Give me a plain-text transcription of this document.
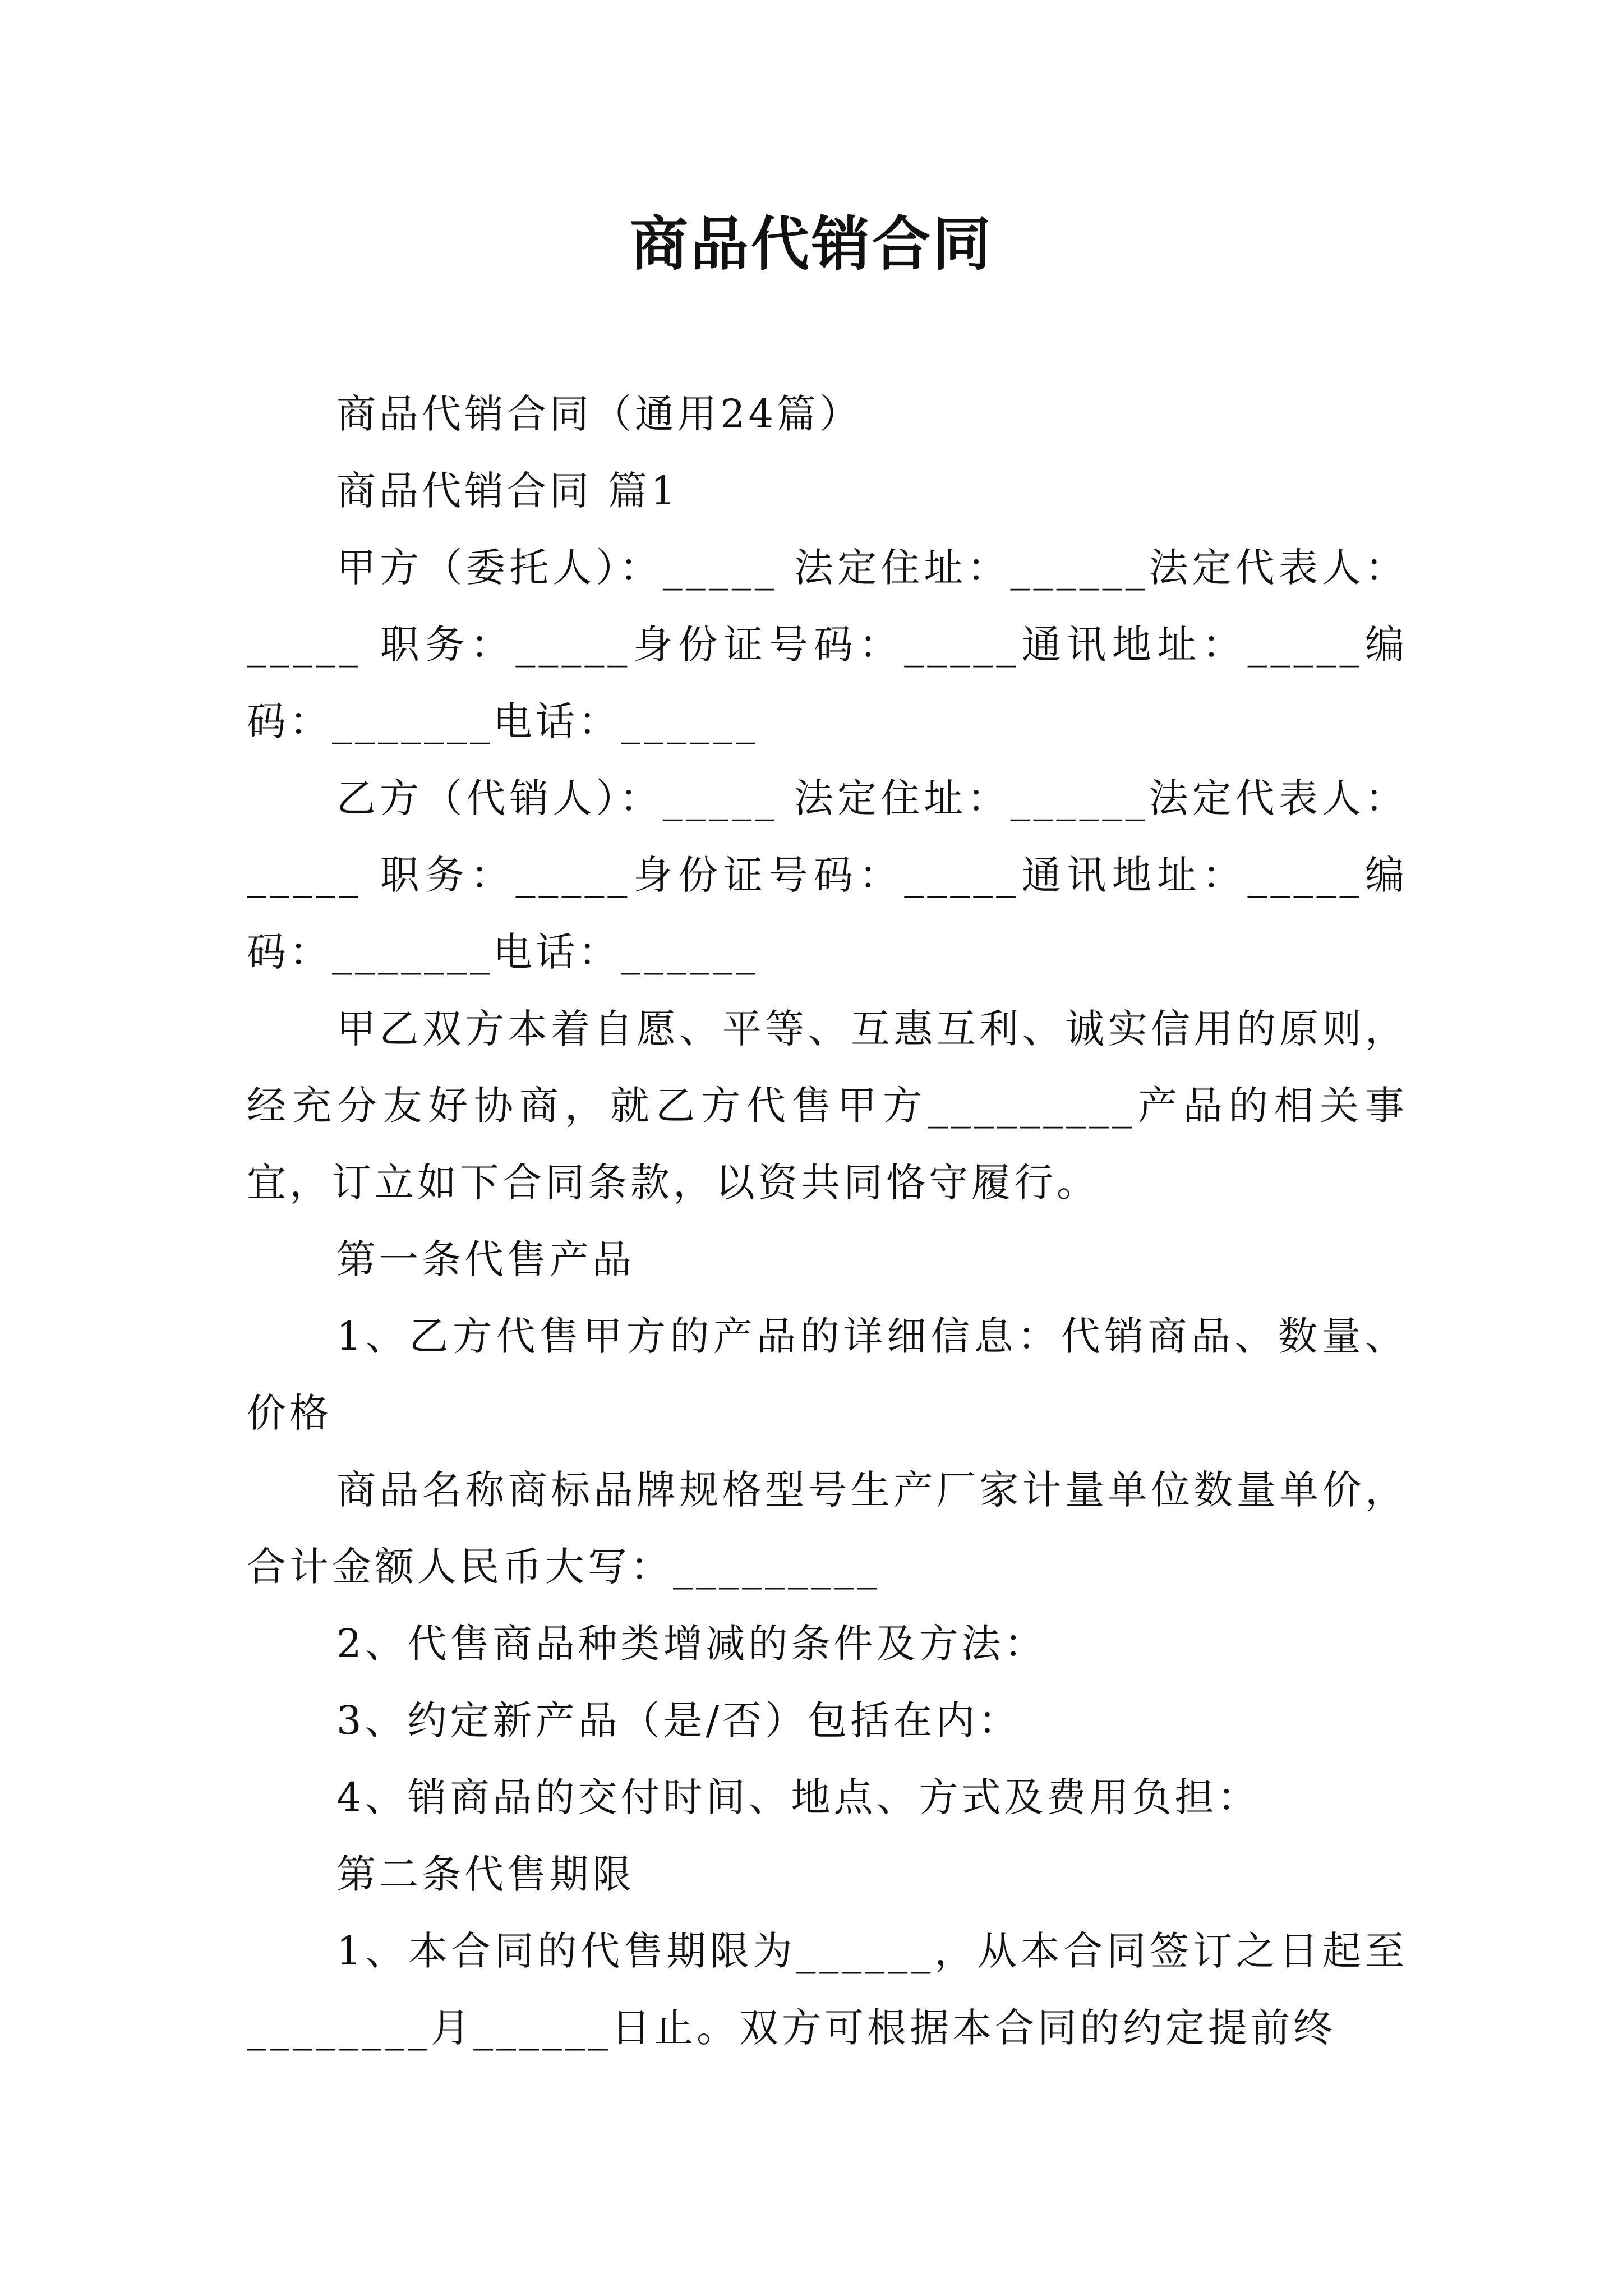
商品代销合同

商品代销合同（通用24篇）

商品代销合同 篇1

甲方（委托人）：_____ 法定住址：______法定代表人：_____ 职务：_____身份证号码：_____通讯地址：_____编码：_______电话：______

乙方（代销人）：_____ 法定住址：______法定代表人：_____ 职务：_____身份证号码：_____通讯地址：_____编码：_______电话：______

甲乙双方本着自愿、平等、互惠互利、诚实信用的原则，经充分友好协商，就乙方代售甲方_________产品的相关事宜，订立如下合同条款，以资共同恪守履行。

第一条代售产品

1、乙方代售甲方的产品的详细信息：代销商品、数量、价格

商品名称商标品牌规格型号生产厂家计量单位数量单价，合计金额人民币大写：_________

2、代售商品种类增减的条件及方法：

3、约定新产品（是/否）包括在内：

4、销商品的交付时间、地点、方式及费用负担：

第二条代售期限

1、本合同的代售期限为______，从本合同签订之日起至________月______日止。双方可根据本合同的约定提前终
